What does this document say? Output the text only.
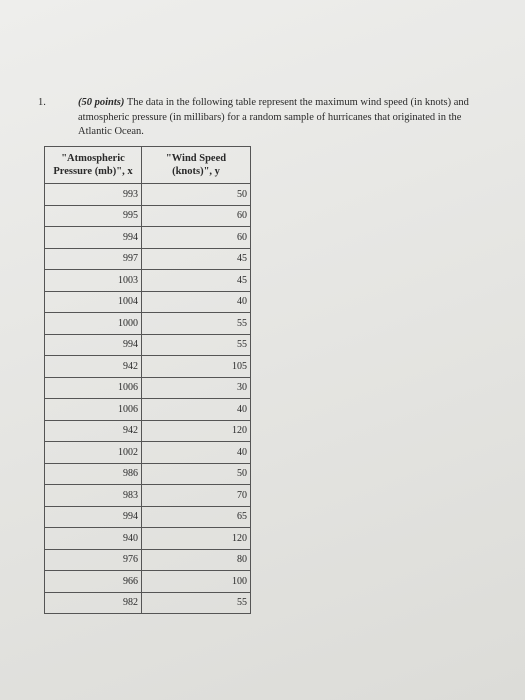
1.	(50 points) The data in the following table represent the maximum wind speed (in knots) and atmospheric pressure (in millibars) for a random sample of hurricanes that originated in the Atlantic Ocean.
"Atmospheric
Pressure (mb)", x	"Wind Speed
(knots)", y
993	50
995	60
994	60
997	45
1003	45
1004	40
1000	55
994	55
942	105
1006	30
1006	40
942	120
1002	40
986	50
983	70
994	65
940	120
976	80
966	100
982	55
